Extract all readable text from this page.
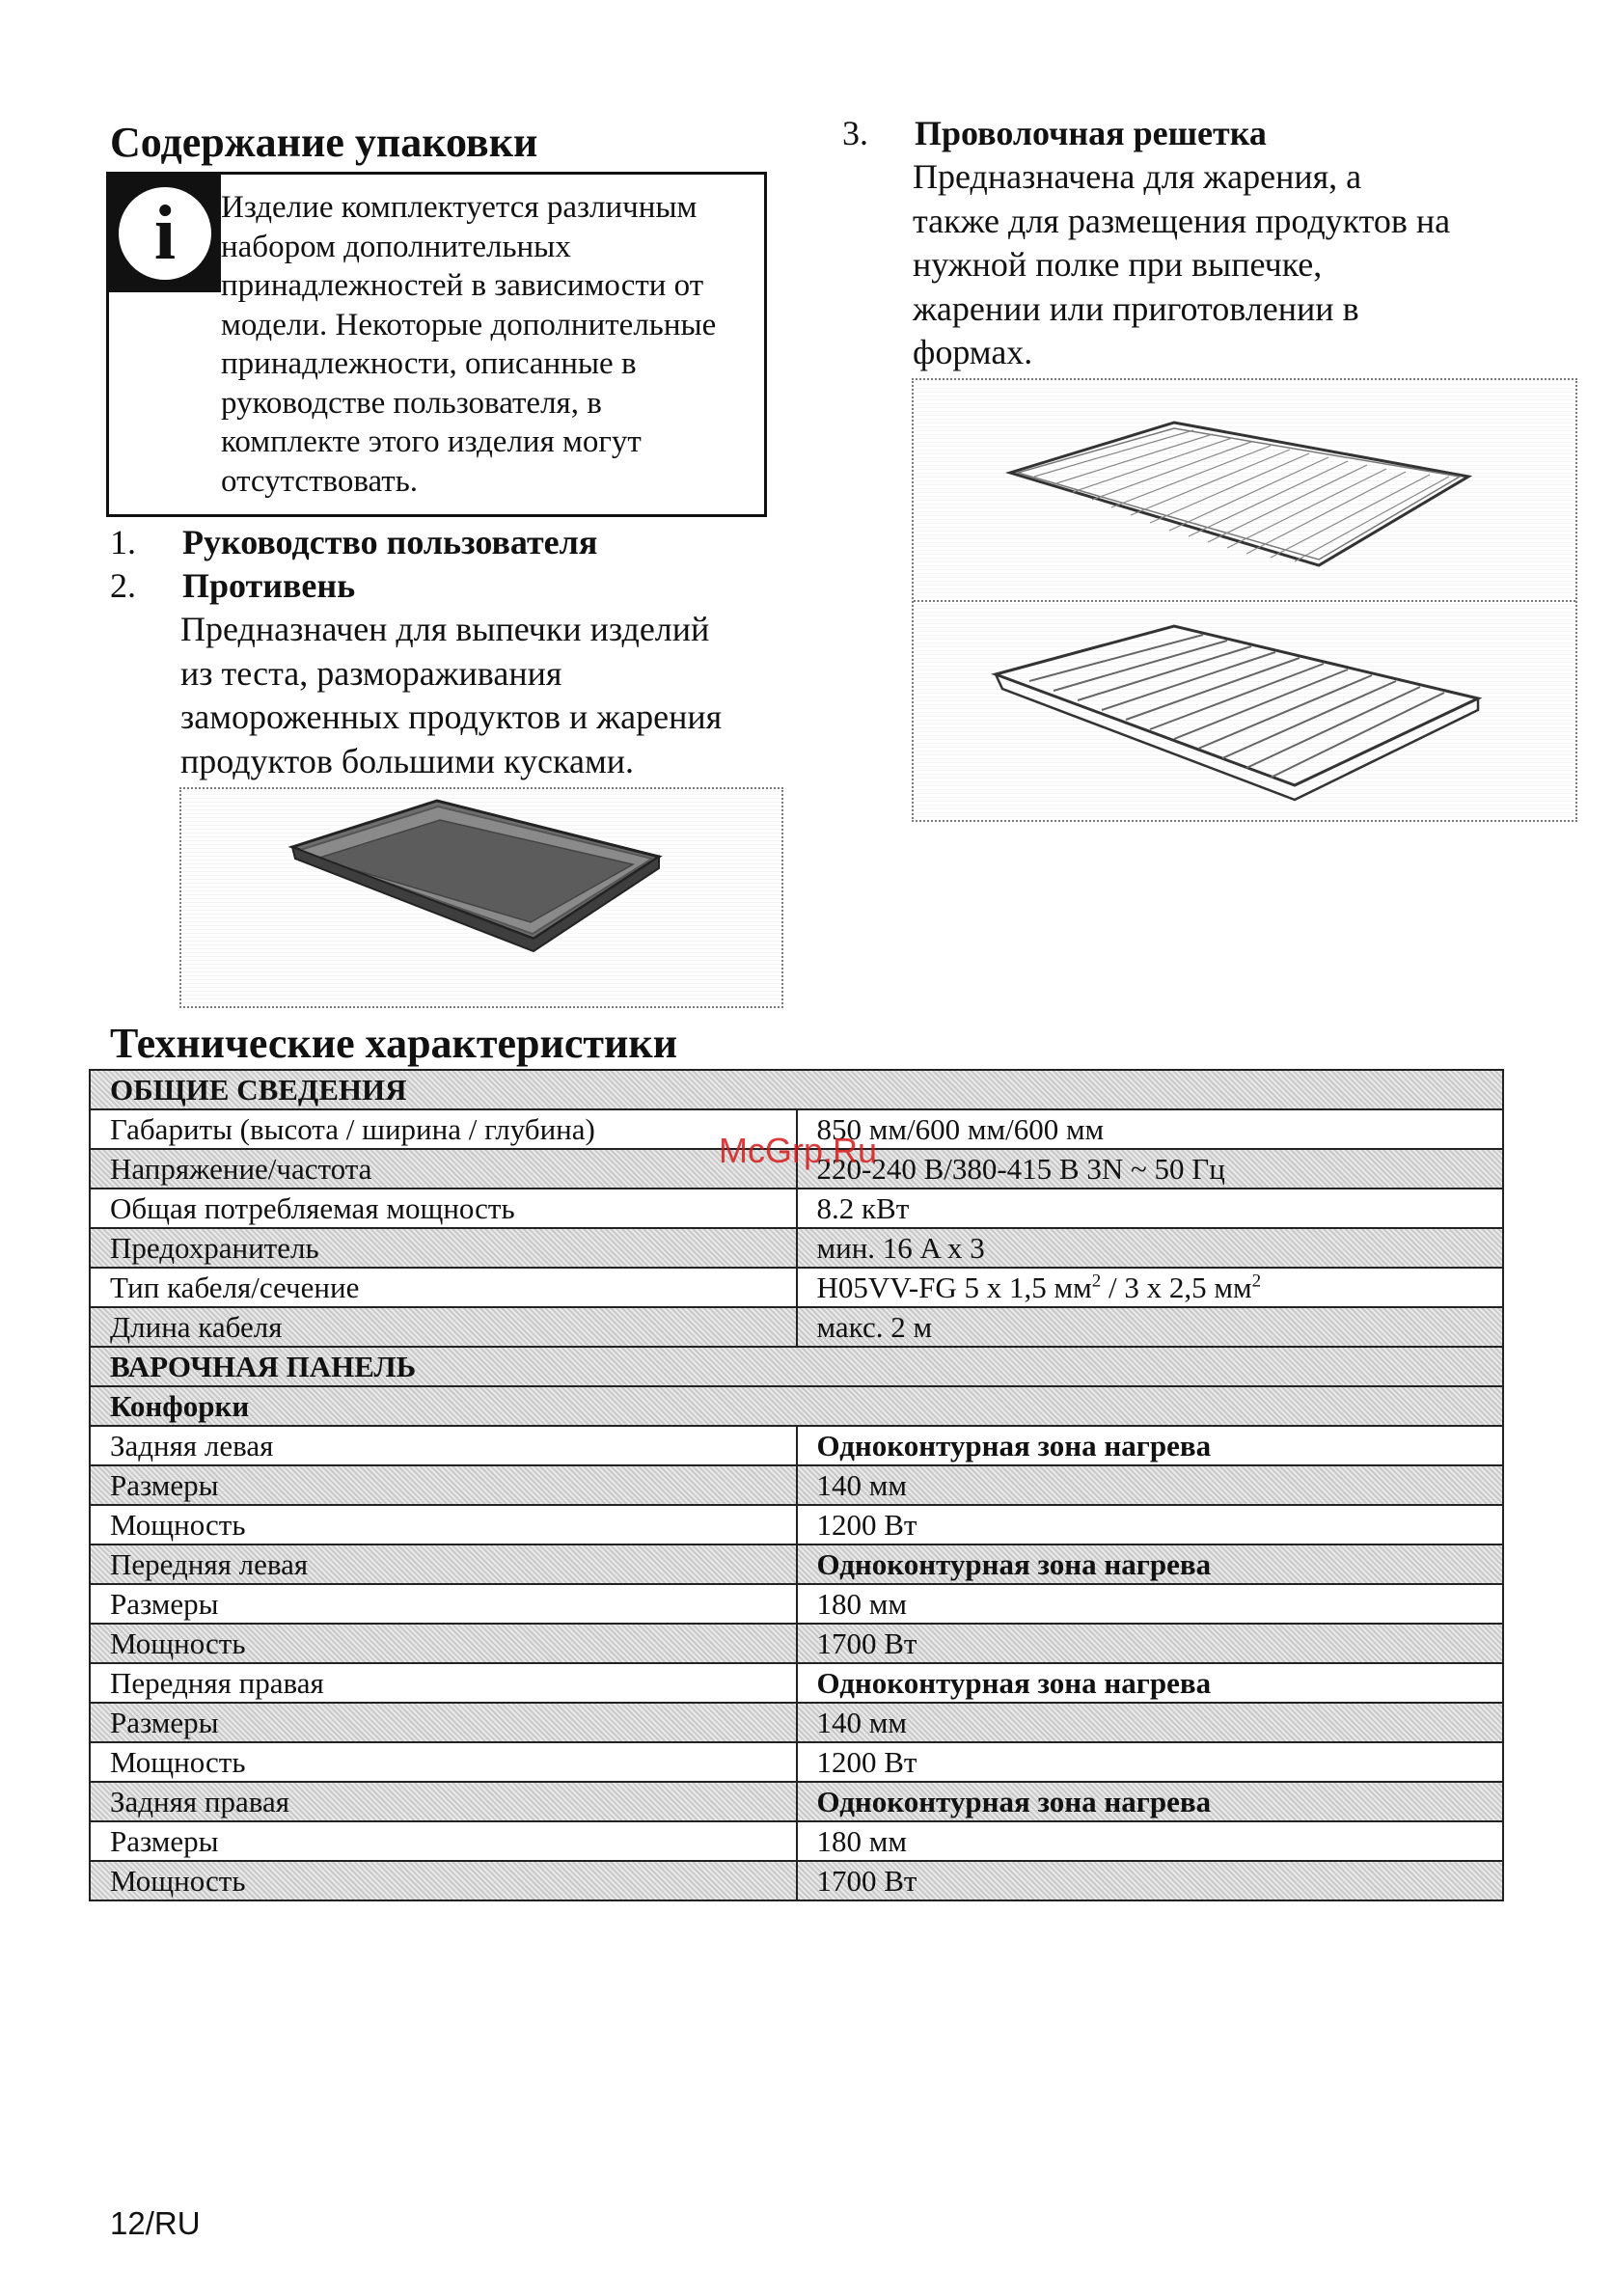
Содержание упаковки
i	Изделие комплектуется различным
набором дополнительных
принадлежностей в зависимости от
модели. Некоторые дополнительные
принадлежности, описанные в
руководстве пользователя, в
комплекте этого изделия могут
отсутствовать.

1. Руководство пользователя
2. Противень

Предназначен для выпечки изделий
из теста, размораживания
замороженных продуктов и жарения
продуктов большими кусками.

3. Проволочная решетка

Предназначена для жарения, а
также для размещения продуктов на
нужной полке при выпечке,
жарении или приготовлении в
формах.

Технические характеристики
ОБЩИЕ СВЕДЕНИЯ	
Габариты (высота / ширина / глубина)	850 мм/600 мм/600 мм
Напряжение/частота	220-240 В/380-415 В 3N ~ 50 Гц
Общая потребляемая мощность	8.2 кВт
Предохранитель	мин. 16 A x 3
Тип кабеля/сечение	H05VV-FG 5 x 1,5 $мм^2 / 3$ x 2,5 $мм^2$
Длина кабеля	макс. 2 м
ВАРОЧНАЯ ПАНЕЛЬ	
Конфорки	
Задняя левая	Одноконтурная зона нагрева
Размеры	140 мм
Мощность	1200 Вт
Передняя левая	Одноконтурная зона нагрева
Размеры	180 мм
Мощность	1700 Вт
Передняя правая	Одноконтурная зона нагрева
Размеры	140 мм
Мощность	1200 Вт
Задняя правая	Одноконтурная зона нагрева
Размеры	180 мм
Мощность	1700 Вт
McGrp.Ru
12/RU
